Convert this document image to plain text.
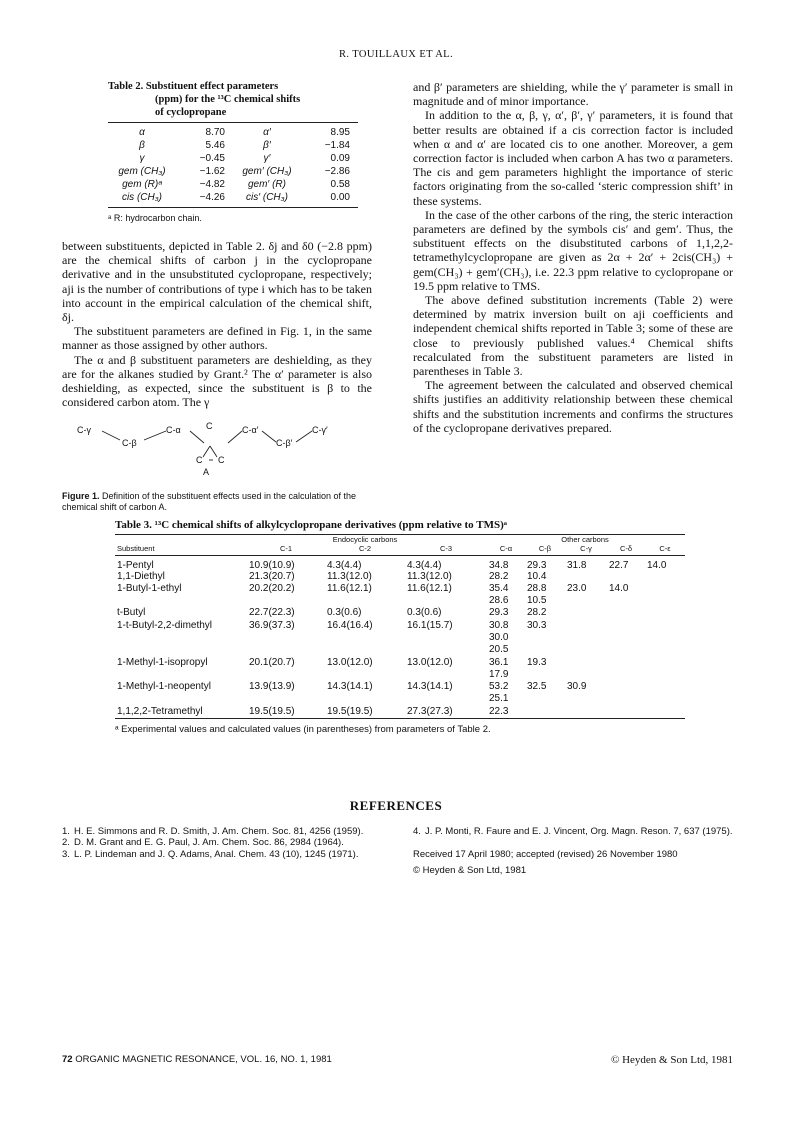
R. TOUILLAUX ET AL.
Table 2. Substituent effect parameters
(ppm) for the ¹³C chemical shifts
of cyclopropane
α	8.70	α′	8.95
β	5.46	β′	−1.84
γ	−0.45	γ′	0.09
gem (CH₃)	−1.62	gem′ (CH₃)	−2.86
gem (R)ᵃ	−4.82	gem′ (R)	0.58
cis (CH₃)	−4.26	cis′ (CH₃)	0.00
ᵃ R: hydrocarbon chain.

between substituents, depicted in Table 2. δj and δ0 (−2.8 ppm) are the chemical shifts of carbon j in the cyclopropane derivative and in the unsubstituted cyclopropane, respectively; aji is the number of contributions of type i which has to be taken into account in the empirical calculation of the chemical shift, δj.

The substituent parameters are defined in Fig. 1, in the same manner as those assigned by other authors.

The α and β substituent parameters are deshielding, as they are for the alkanes studied by Grant.² The α′ parameter is also deshielding, as expected, since the substituent is β to the considered carbon atom. The γ

C-γ
C-β
C-α	C	C-α′	C-γ′
C-β′
C C
A
Figure 1. Definition of the substituent effects used in the calculation of the chemical shift of carbon A.

and β′ parameters are shielding, while the γ′ parameter is small in magnitude and of minor importance.

In addition to the α, β, γ, α′, β′, γ′ parameters, it is found that better results are obtained if a cis correction factor is included when α and α′ are located cis to one another. Moreover, a gem correction factor is included when carbon A has two α parameters. The cis and gem parameters highlight the importance of steric factors originating from the so-called ‘steric compression shift’ in these systems.

In the case of the other carbons of the ring, the steric interaction parameters are defined by the symbols cis′ and gem′. Thus, the substituent effects on the disubstituted carbons of 1,1,2,2-tetramethylcyclopropane are given as 2α + 2α′ + 2cis(CH₃) + gem(CH₃) + gem′(CH₃), i.e. 22.3 ppm relative to cyclopropane or 19.5 ppm relative to TMS.

The above defined substitution increments (Table 2) were determined by matrix inversion built on aji coefficients and independent chemical shifts reported in Table 3; some of these are close to previously published values.⁴ Chemical shifts recalculated from the substituent parameters are listed in parentheses in Table 3.

The agreement between the calculated and observed chemical shifts justifies an additivity relationship between these chemical shifts and the substitution increments and confirms the structures of the cyclopropane derivatives prepared.

Table 3. ¹³C chemical shifts of alkylcyclopropane derivatives (ppm relative to TMS)ᵃ
		Endocyclic carbons			Other carbons			
Substituent	C-1	C-2	C-3	C-α	C-β	C-γ	C-δ	C-ε
1-Pentyl	10.9(10.9)	4.3(4.4)	4.3(4.4)	34.8	29.3	31.8	22.7	14.0
1,1-Diethyl	21.3(20.7)	11.3(12.0)	11.3(12.0)	28.2	10.4			
1-Butyl-1-ethyl	20.2(20.2)	11.6(12.1)	11.6(12.1)	35.4	28.8	23.0	14.0	
				28.6	10.5			
t-Butyl	22.7(22.3)	0.3(0.6)	0.3(0.6)	29.3	28.2			
1-t-Butyl-2,2-dimethyl	36.9(37.3)	16.4(16.4)	16.1(15.7)	30.8	30.3			
				30.0				
				20.5				
1-Methyl-1-isopropyl	20.1(20.7)	13.0(12.0)	13.0(12.0)	36.1	19.3			
				17.9				
1-Methyl-1-neopentyl	13.9(13.9)	14.3(14.1)	14.3(14.1)	53.2	32.5	30.9		
				25.1				
1,1,2,2-Tetramethyl	19.5(19.5)	19.5(19.5)	27.3(27.3)	22.3				
ᵃ Experimental values and calculated values (in parentheses) from parameters of Table 2.
REFERENCES
1. H. E. Simmons and R. D. Smith, J. Am. Chem. Soc. 81, 4256 (1959).
2. D. M. Grant and E. G. Paul, J. Am. Chem. Soc. 86, 2984 (1964).
3. L. P. Lindeman and J. Q. Adams, Anal. Chem. 43 (10), 1245 (1971).
4. J. P. Monti, R. Faure and E. J. Vincent, Org. Magn. Reson. 7, 637 (1975).
Received 17 April 1980; accepted (revised) 26 November 1980
© Heyden & Son Ltd, 1981
72 ORGANIC MAGNETIC RESONANCE, VOL. 16, NO. 1, 1981	© Heyden & Son Ltd, 1981
